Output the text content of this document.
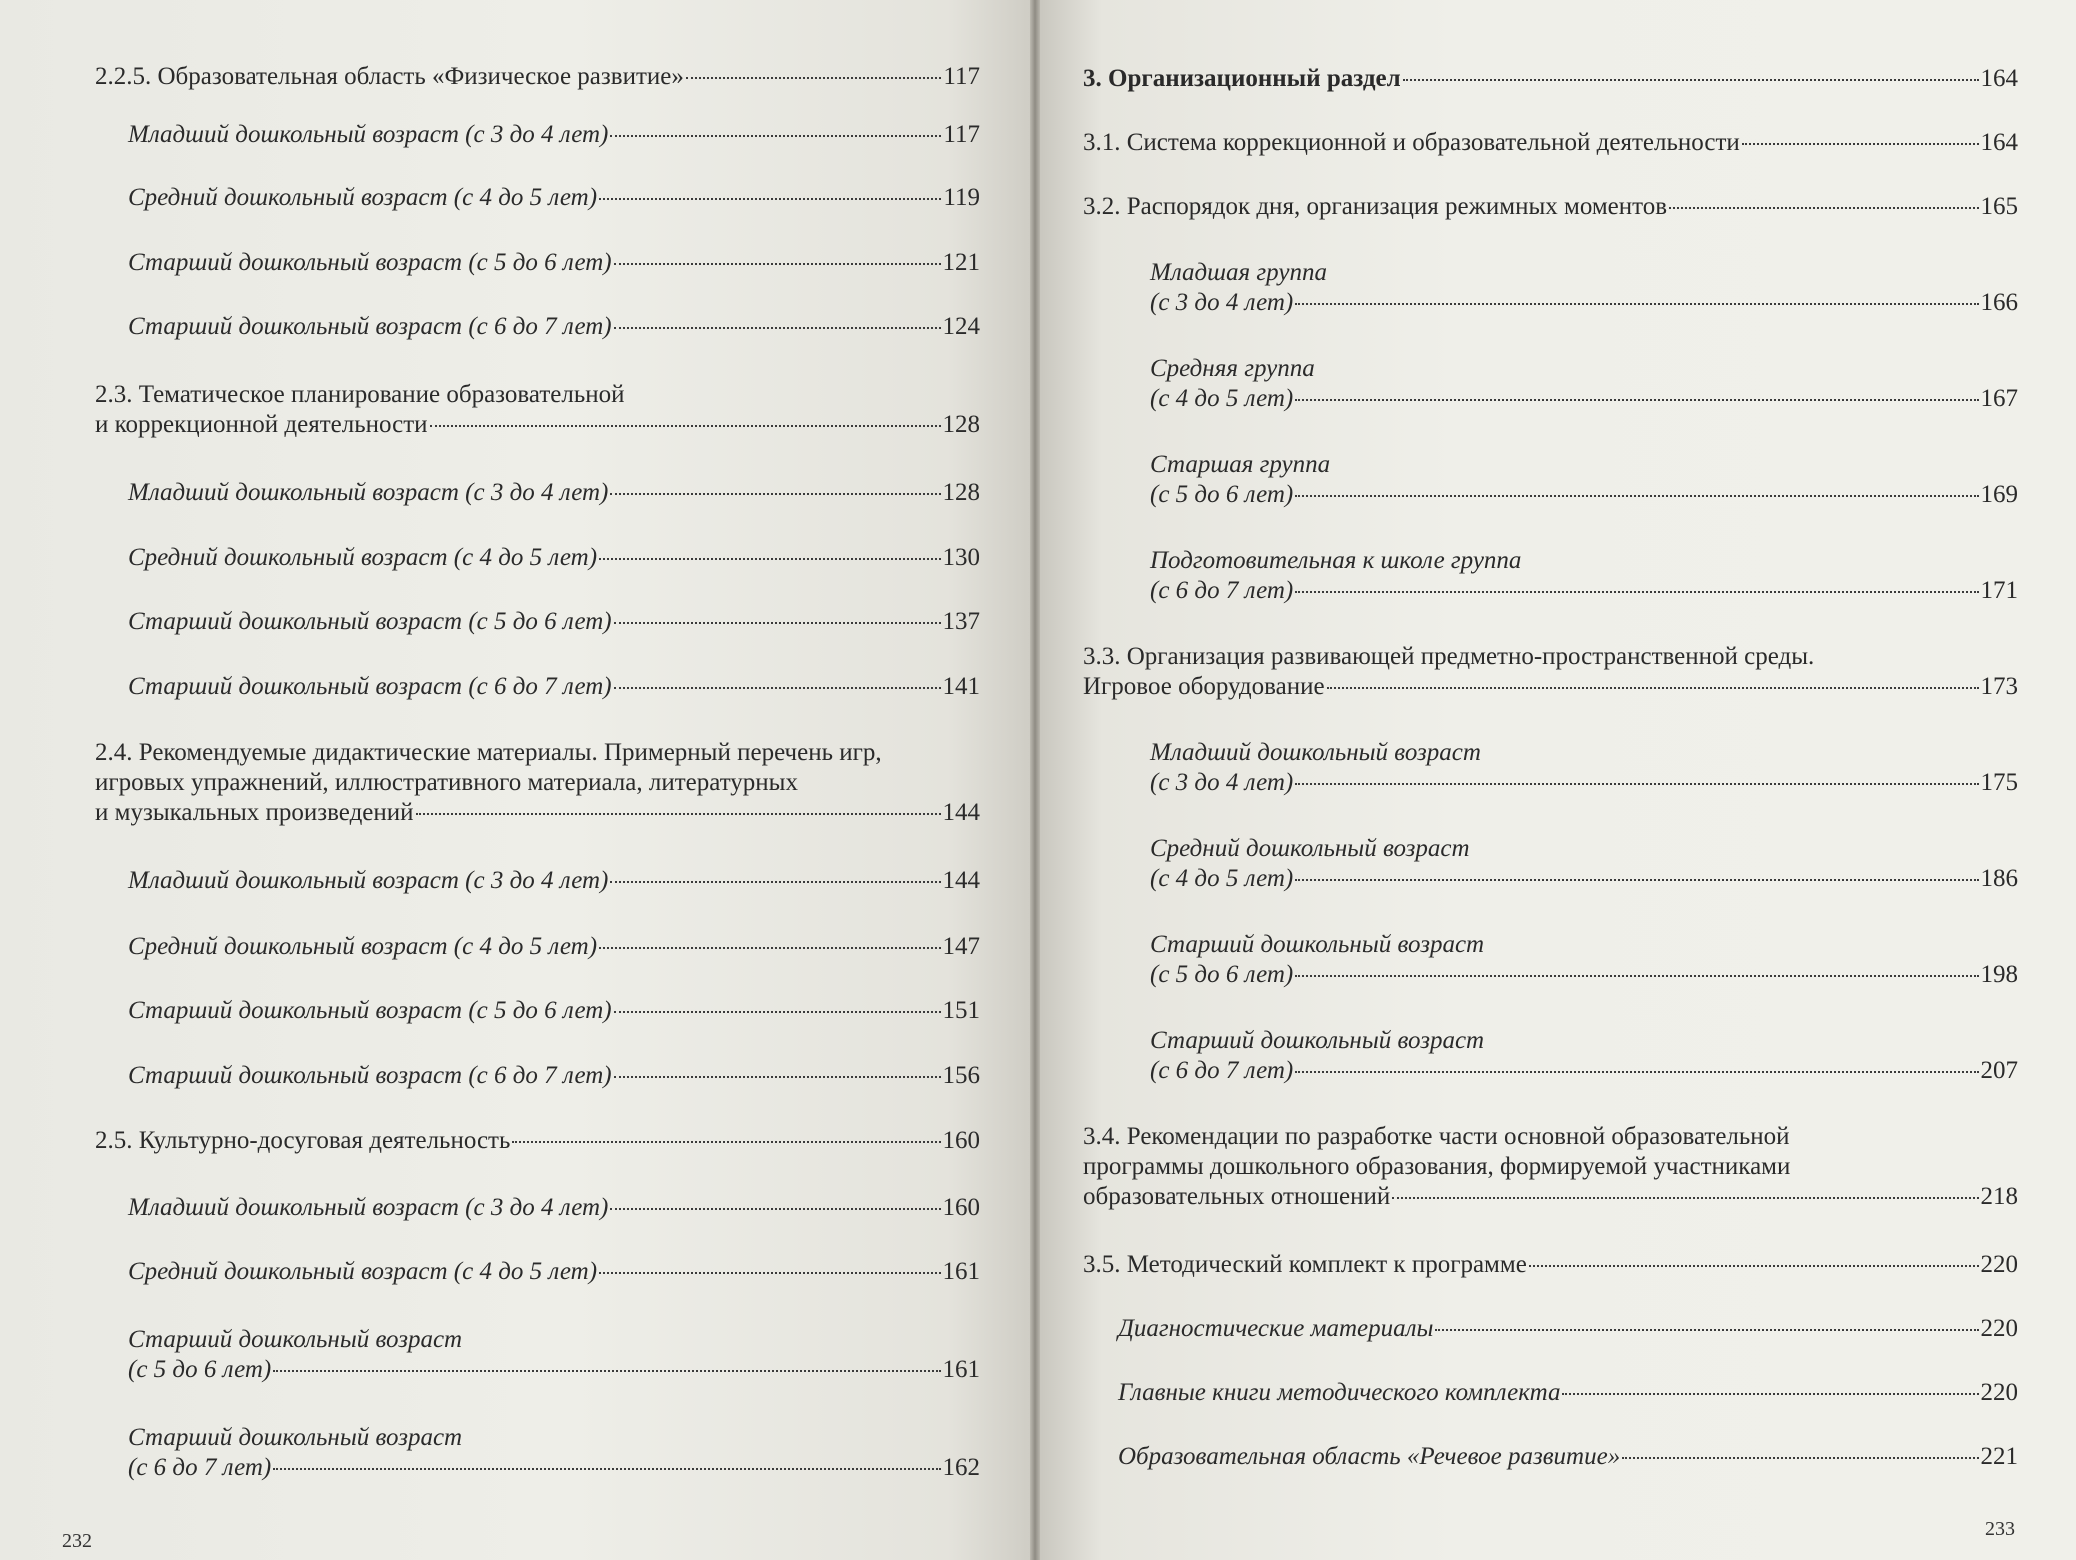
2.2.5. Образовательная область «Физическое развитие»	117
Младший дошкольный возраст (с 3 до 4 лет)	117
Средний дошкольный возраст (с 4 до 5 лет)	119
Старший дошкольный возраст (с 5 до 6 лет)	121
Старший дошкольный возраст (с 6 до 7 лет)	124
2.3. Тематическое планирование образовательной
и коррекционной деятельности	128
Младший дошкольный возраст (с 3 до 4 лет)	128
Средний дошкольный возраст (с 4 до 5 лет)	130
Старший дошкольный возраст (с 5 до 6 лет)	137
Старший дошкольный возраст (с 6 до 7 лет)	141
2.4. Рекомендуемые дидактические материалы. Примерный перечень игр,
игровых упражнений, иллюстративного материала, литературных
и музыкальных произведений	144
Младший дошкольный возраст (с 3 до 4 лет)	144
Средний дошкольный возраст (с 4 до 5 лет)	147
Старший дошкольный возраст (с 5 до 6 лет)	151
Старший дошкольный возраст (с 6 до 7 лет)	156
2.5. Культурно-досуговая деятельность	160
Младший дошкольный возраст (с 3 до 4 лет)	160
Средний дошкольный возраст (с 4 до 5 лет)	161
Старший дошкольный возраст
(с 5 до 6 лет)	161
Старший дошкольный возраст
(с 6 до 7 лет)	162
3. Организационный раздел	164
3.1. Система коррекционной и образовательной деятельности	164
3.2. Распорядок дня, организация режимных моментов	165
Младшая группа
(с 3 до 4 лет)	166
Средняя группа
(с 4 до 5 лет)	167
Старшая группа
(с 5 до 6 лет)	169
Подготовительная к школе группа
(с 6 до 7 лет)	171
3.3. Организация развивающей предметно-пространственной среды.
Игровое оборудование	173
Младший дошкольный возраст
(с 3 до 4 лет)	175
Средний дошкольный возраст
(с 4 до 5 лет)	186
Старший дошкольный возраст
(с 5 до 6 лет)	198
Старший дошкольный возраст
(с 6 до 7 лет)	207
3.4. Рекомендации по разработке части основной образовательной
программы дошкольного образования, формируемой участниками
образовательных отношений	218
3.5. Методический комплект к программе	220
Диагностические материалы	220
Главные книги методического комплекта	220
Образовательная область «Речевое развитие»	221
232
233
